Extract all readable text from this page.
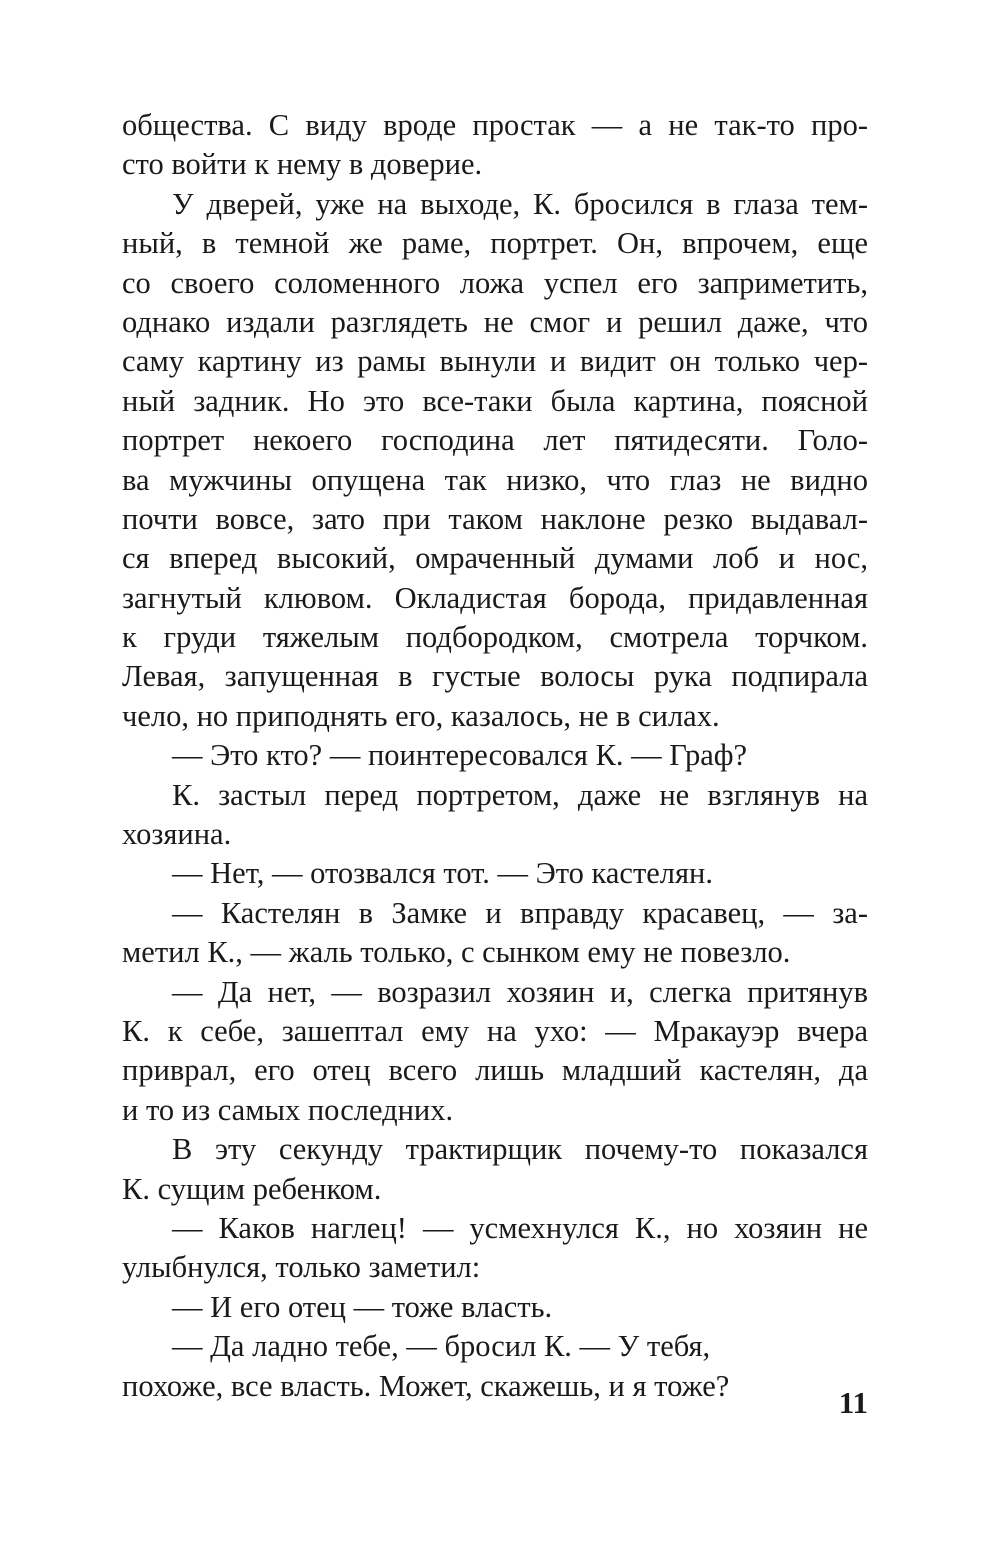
общества. С виду вроде простак — а не так-то про-
сто войти к нему в доверие.
У дверей, уже на выходе, К. бросился в глаза тем-
ный, в темной же раме, портрет. Он, впрочем, еще
со своего соломенного ложа успел его заприметить,
однако издали разглядеть не смог и решил даже, что
саму картину из рамы вынули и видит он только чер-
ный задник. Но это все-таки была картина, поясной
портрет некоего господина лет пятидесяти. Голо-
ва мужчины опущена так низко, что глаз не видно
почти вовсе, зато при таком наклоне резко выдавал-
ся вперед высокий, омраченный думами лоб и нос,
загнутый клювом. Окладистая борода, придавленная
к груди тяжелым подбородком, смотрела торчком.
Левая, запущенная в густые волосы рука подпирала
чело, но приподнять его, казалось, не в силах.
— Это кто? — поинтересовался К. — Граф?
К. застыл перед портретом, даже не взглянув на
хозяина.
— Нет, — отозвался тот. — Это кастелян.
— Кастелян в Замке и вправду красавец, — за-
метил К., — жаль только, с сынком ему не повезло.
— Да нет, — возразил хозяин и, слегка притянув
К. к себе, зашептал ему на ухо: — Мракауэр вчера
приврал, его отец всего лишь младший кастелян, да
и то из самых последних.
В эту секунду трактирщик почему-то показался
К. сущим ребенком.
— Каков наглец! — усмехнулся К., но хозяин не
улыбнулся, только заметил:
— И его отец — тоже власть.
— Да ладно тебе, — бросил К. — У тебя,
похоже, все власть. Может, скажешь, и я тоже?	11
